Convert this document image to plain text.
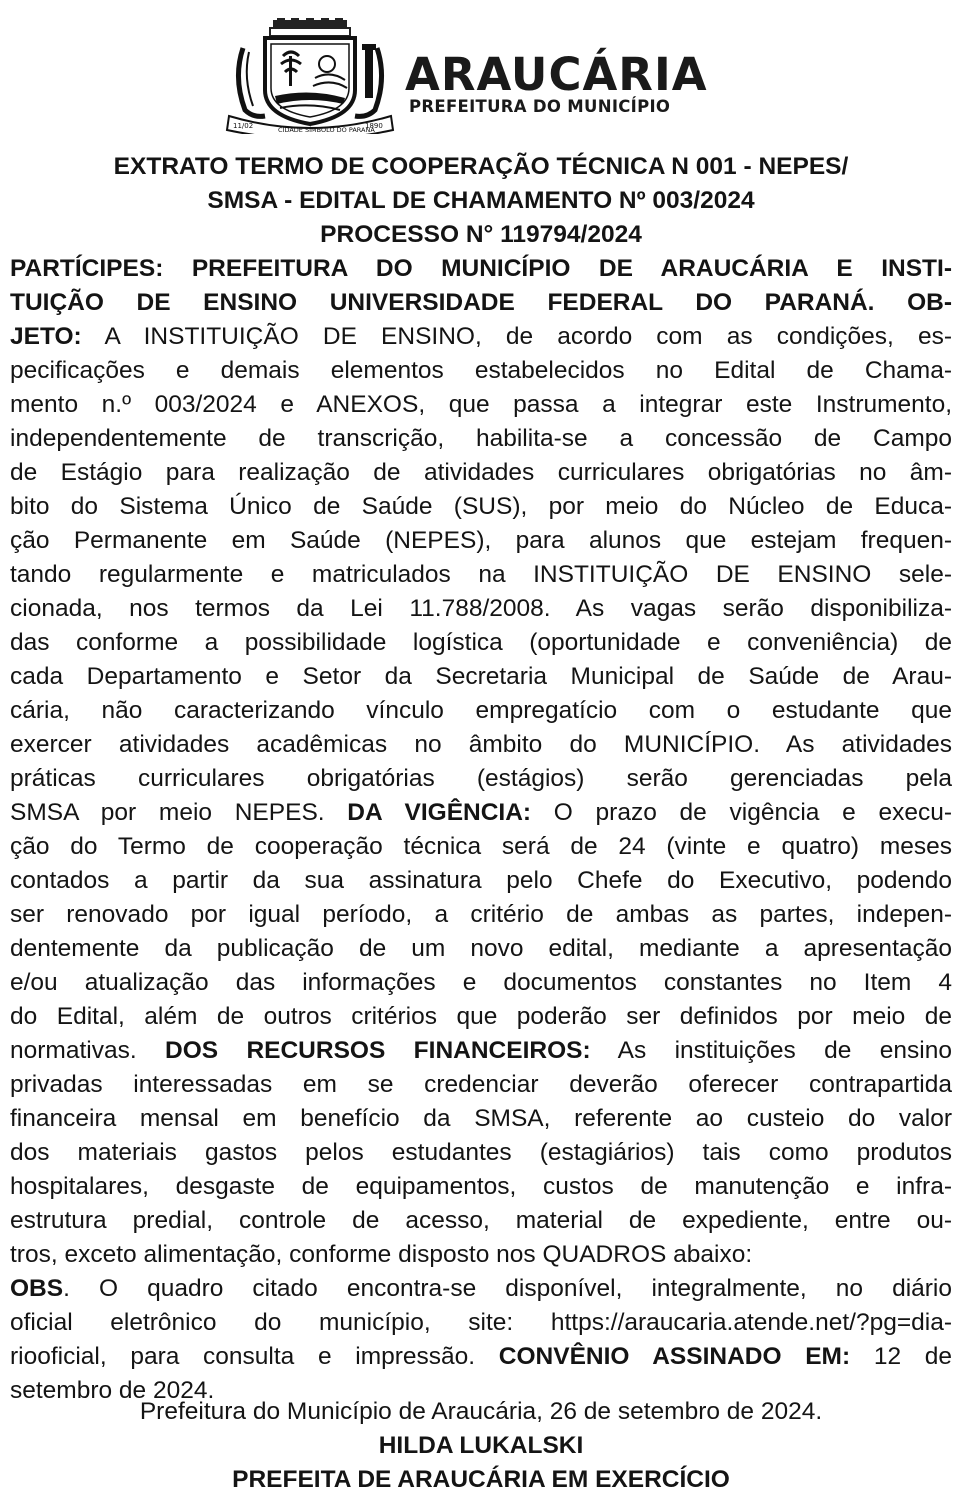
11/02	CIDADE SÍMBOLO DO PARANÁ
1890
ARAUCÁRIA
PREFEITURA DO MUNICÍPIO
EXTRATO TERMO DE COOPERAÇÃO TÉCNICA N 001 - NEPES/
SMSA - EDITAL DE CHAMAMENTO Nº 003/2024
PROCESSO N° 119794/2024
PARTÍCIPES: PREFEITURA DO MUNICÍPIO DE ARAUCÁRIA E INSTI-
TUIÇÃO DE ENSINO UNIVERSIDADE FEDERAL DO PARANÁ. OB-
JETO: A INSTITUIÇÃO DE ENSINO, de acordo com as condições, es-
pecificações e demais elementos estabelecidos no Edital de Chama-
mento n.º 003/2024 e ANEXOS, que passa a integrar este Instrumento,
independentemente de transcrição, habilita-se a concessão de Campo
de Estágio para realização de atividades curriculares obrigatórias no âm-
bito do Sistema Único de Saúde (SUS), por meio do Núcleo de Educa-
ção Permanente em Saúde (NEPES), para alunos que estejam frequen-
tando regularmente e matriculados na INSTITUIÇÃO DE ENSINO sele-
cionada, nos termos da Lei 11.788/2008. As vagas serão disponibiliza-
das conforme a possibilidade logística (oportunidade e conveniência) de
cada Departamento e Setor da Secretaria Municipal de Saúde de Arau-
cária, não caracterizando vínculo empregatício com o estudante que
exercer atividades acadêmicas no âmbito do MUNICÍPIO. As atividades
práticas curriculares obrigatórias (estágios) serão gerenciadas pela
SMSA por meio NEPES. DA VIGÊNCIA: O prazo de vigência e execu-
ção do Termo de cooperação técnica será de 24 (vinte e quatro) meses
contados a partir da sua assinatura pelo Chefe do Executivo, podendo
ser renovado por igual período, a critério de ambas as partes, indepen-
dentemente da publicação de um novo edital, mediante a apresentação
e/ou atualização das informações e documentos constantes no Item 4
do Edital, além de outros critérios que poderão ser definidos por meio de
normativas. DOS RECURSOS FINANCEIROS: As instituições de ensino
privadas interessadas em se credenciar deverão oferecer contrapartida
financeira mensal em benefício da SMSA, referente ao custeio do valor
dos materiais gastos pelos estudantes (estagiários) tais como produtos
hospitalares, desgaste de equipamentos, custos de manutenção e infra-
estrutura predial, controle de acesso, material de expediente, entre ou-
tros, exceto alimentação, conforme disposto nos QUADROS abaixo:
OBS. O quadro citado encontra-se disponível, integralmente, no diário
oficial eletrônico do município, site: https://araucaria.atende.net/?pg=dia-
riooficial, para consulta e impressão. CONVÊNIO ASSINADO EM: 12 de
setembro de 2024.
Prefeitura do Município de Araucária, 26 de setembro de 2024.
HILDA LUKALSKI
PREFEITA DE ARAUCÁRIA EM EXERCÍCIO
